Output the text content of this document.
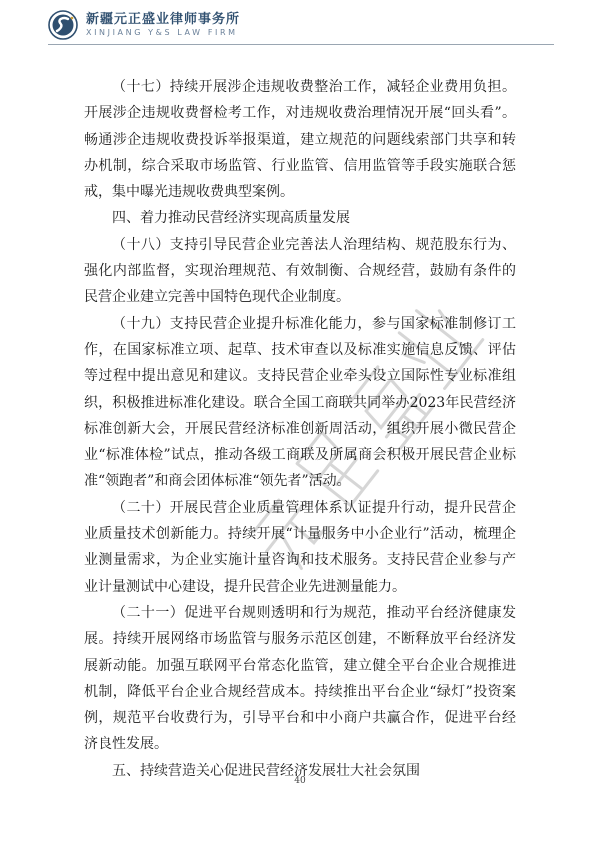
新疆元正盛业律师事务所
XINJIANG Y&S LAW FIRM

（十七）持续开展涉企违规收费整治工作，减轻企业费用负担。开展涉企违规收费督检考工作，对违规收费治理情况开展“回头看”。畅通涉企违规收费投诉举报渠道，建立规范的问题线索部门共享和转办机制，综合采取市场监管、行业监管、信用监管等手段实施联合惩戒，集中曝光违规收费典型案例。

四、着力推动民营经济实现高质量发展

（十八）支持引导民营企业完善法人治理结构、规范股东行为、强化内部监督，实现治理规范、有效制衡、合规经营，鼓励有条件的民营企业建立完善中国特色现代企业制度。

（十九）支持民营企业提升标准化能力，参与国家标准制修订工作，在国家标准立项、起草、技术审查以及标准实施信息反馈、评估等过程中提出意见和建议。支持民营企业牵头设立国际性专业标准组织，积极推进标准化建设。联合全国工商联共同举办2023年民营经济标准创新大会，开展民营经济标准创新周活动，组织开展小微民营企业“标准体检”试点，推动各级工商联及所属商会积极开展民营企业标准“领跑者”和商会团体标准“领先者”活动。

（二十）开展民营企业质量管理体系认证提升行动，提升民营企业质量技术创新能力。持续开展“计量服务中小企业行”活动，梳理企业测量需求，为企业实施计量咨询和技术服务。支持民营企业参与产业计量测试中心建设，提升民营企业先进测量能力。

（二十一）促进平台规则透明和行为规范，推动平台经济健康发展。持续开展网络市场监管与服务示范区创建，不断释放平台经济发展新动能。加强互联网平台常态化监管，建立健全平台企业合规推进机制，降低平台企业合规经营成本。持续推出平台企业“绿灯”投资案例，规范平台收费行为，引导平台和中小商户共赢合作，促进平台经济良性发展。

五、持续营造关心促进民营经济发展壮大社会氛围

40
